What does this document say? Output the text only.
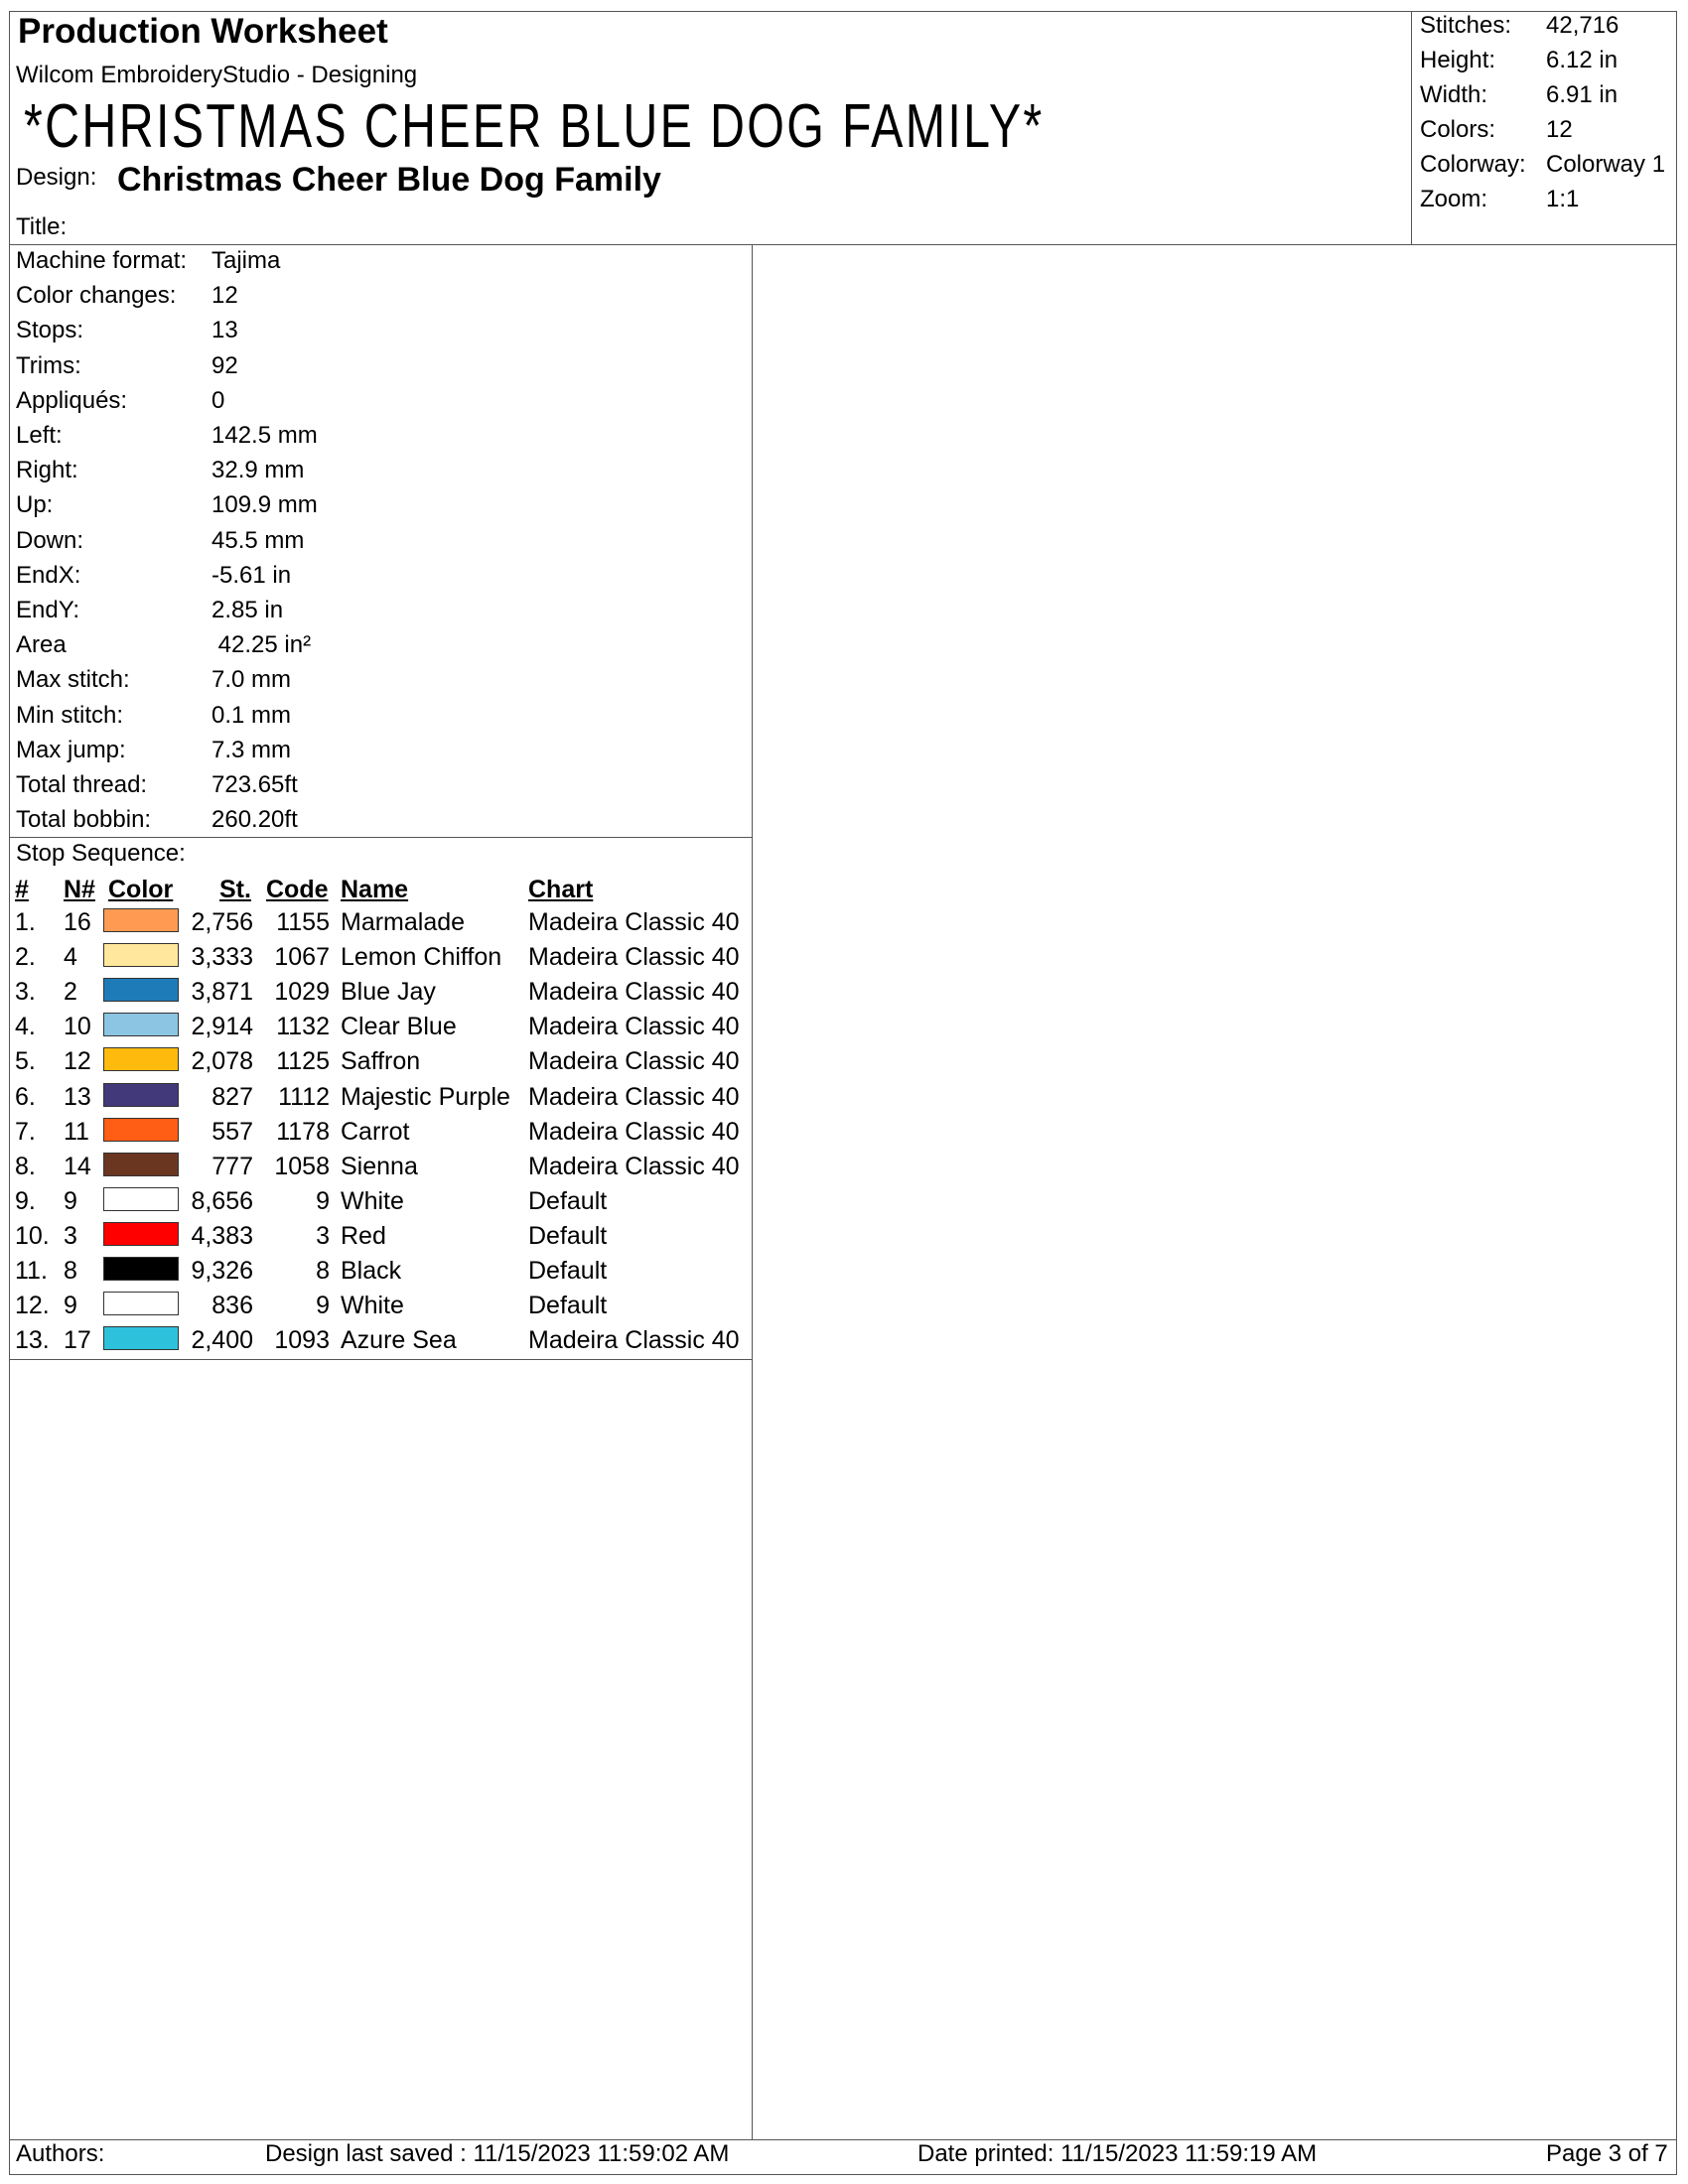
Production Worksheet
Wilcom EmbroideryStudio - Designing
*CHRISTMAS CHEER BLUE DOG FAMILY*
Design: Christmas Cheer Blue Dog Family
Title:
Stitches: 42,716
Height: 6.12 in
Width: 6.91 in
Colors: 12
Colorway: Colorway 1
Zoom: 1:1
Machine format: Tajima
Color changes: 12
Stops:	13
Trims:	92
Appliqués:	0
Left:	142.5 mm
Right:	32.9 mm
Up:	109.9 mm
Down:	45.5 mm
EndX:	-5.61 in
EndY:	2.85 in
Area	42.25 in²
Max stitch:	7.0 mm
Min stitch:	0.1 mm
Max jump:	7.3 mm
Total thread:	723.65ft
Total bobbin:	260.20ft
Stop Sequence:
# N# Color St. Code Name	Chart
1. 16	2,756 1155 Marmalade	Madeira Classic 40
2. 4	3,333 1067 Lemon Chiffon Madeira Classic 40
3. 2	3,871 1029 Blue Jay	Madeira Classic 40
4. 10	2,914 1132 Clear Blue	Madeira Classic 40
5. 12	2,078 1125 Saffron	Madeira Classic 40
6. 13	827 1112 Majestic Purple Madeira Classic 40
7. 11	557 1178 Carrot	Madeira Classic 40
8. 14	777 1058 Sienna	Madeira Classic 40
9. 9	8,656	9 White	Default
10. 3	4,383	3 Red	Default
11. 8	9,326	8 Black	Default
12. 9	836	9 White	Default
13. 17	2,400 1093 Azure Sea	Madeira Classic 40
Authors:	Design last saved : 11/15/2023 11:59:02 AM	Date printed: 11/15/2023 11:59:19 AM	Page 3 of 7
